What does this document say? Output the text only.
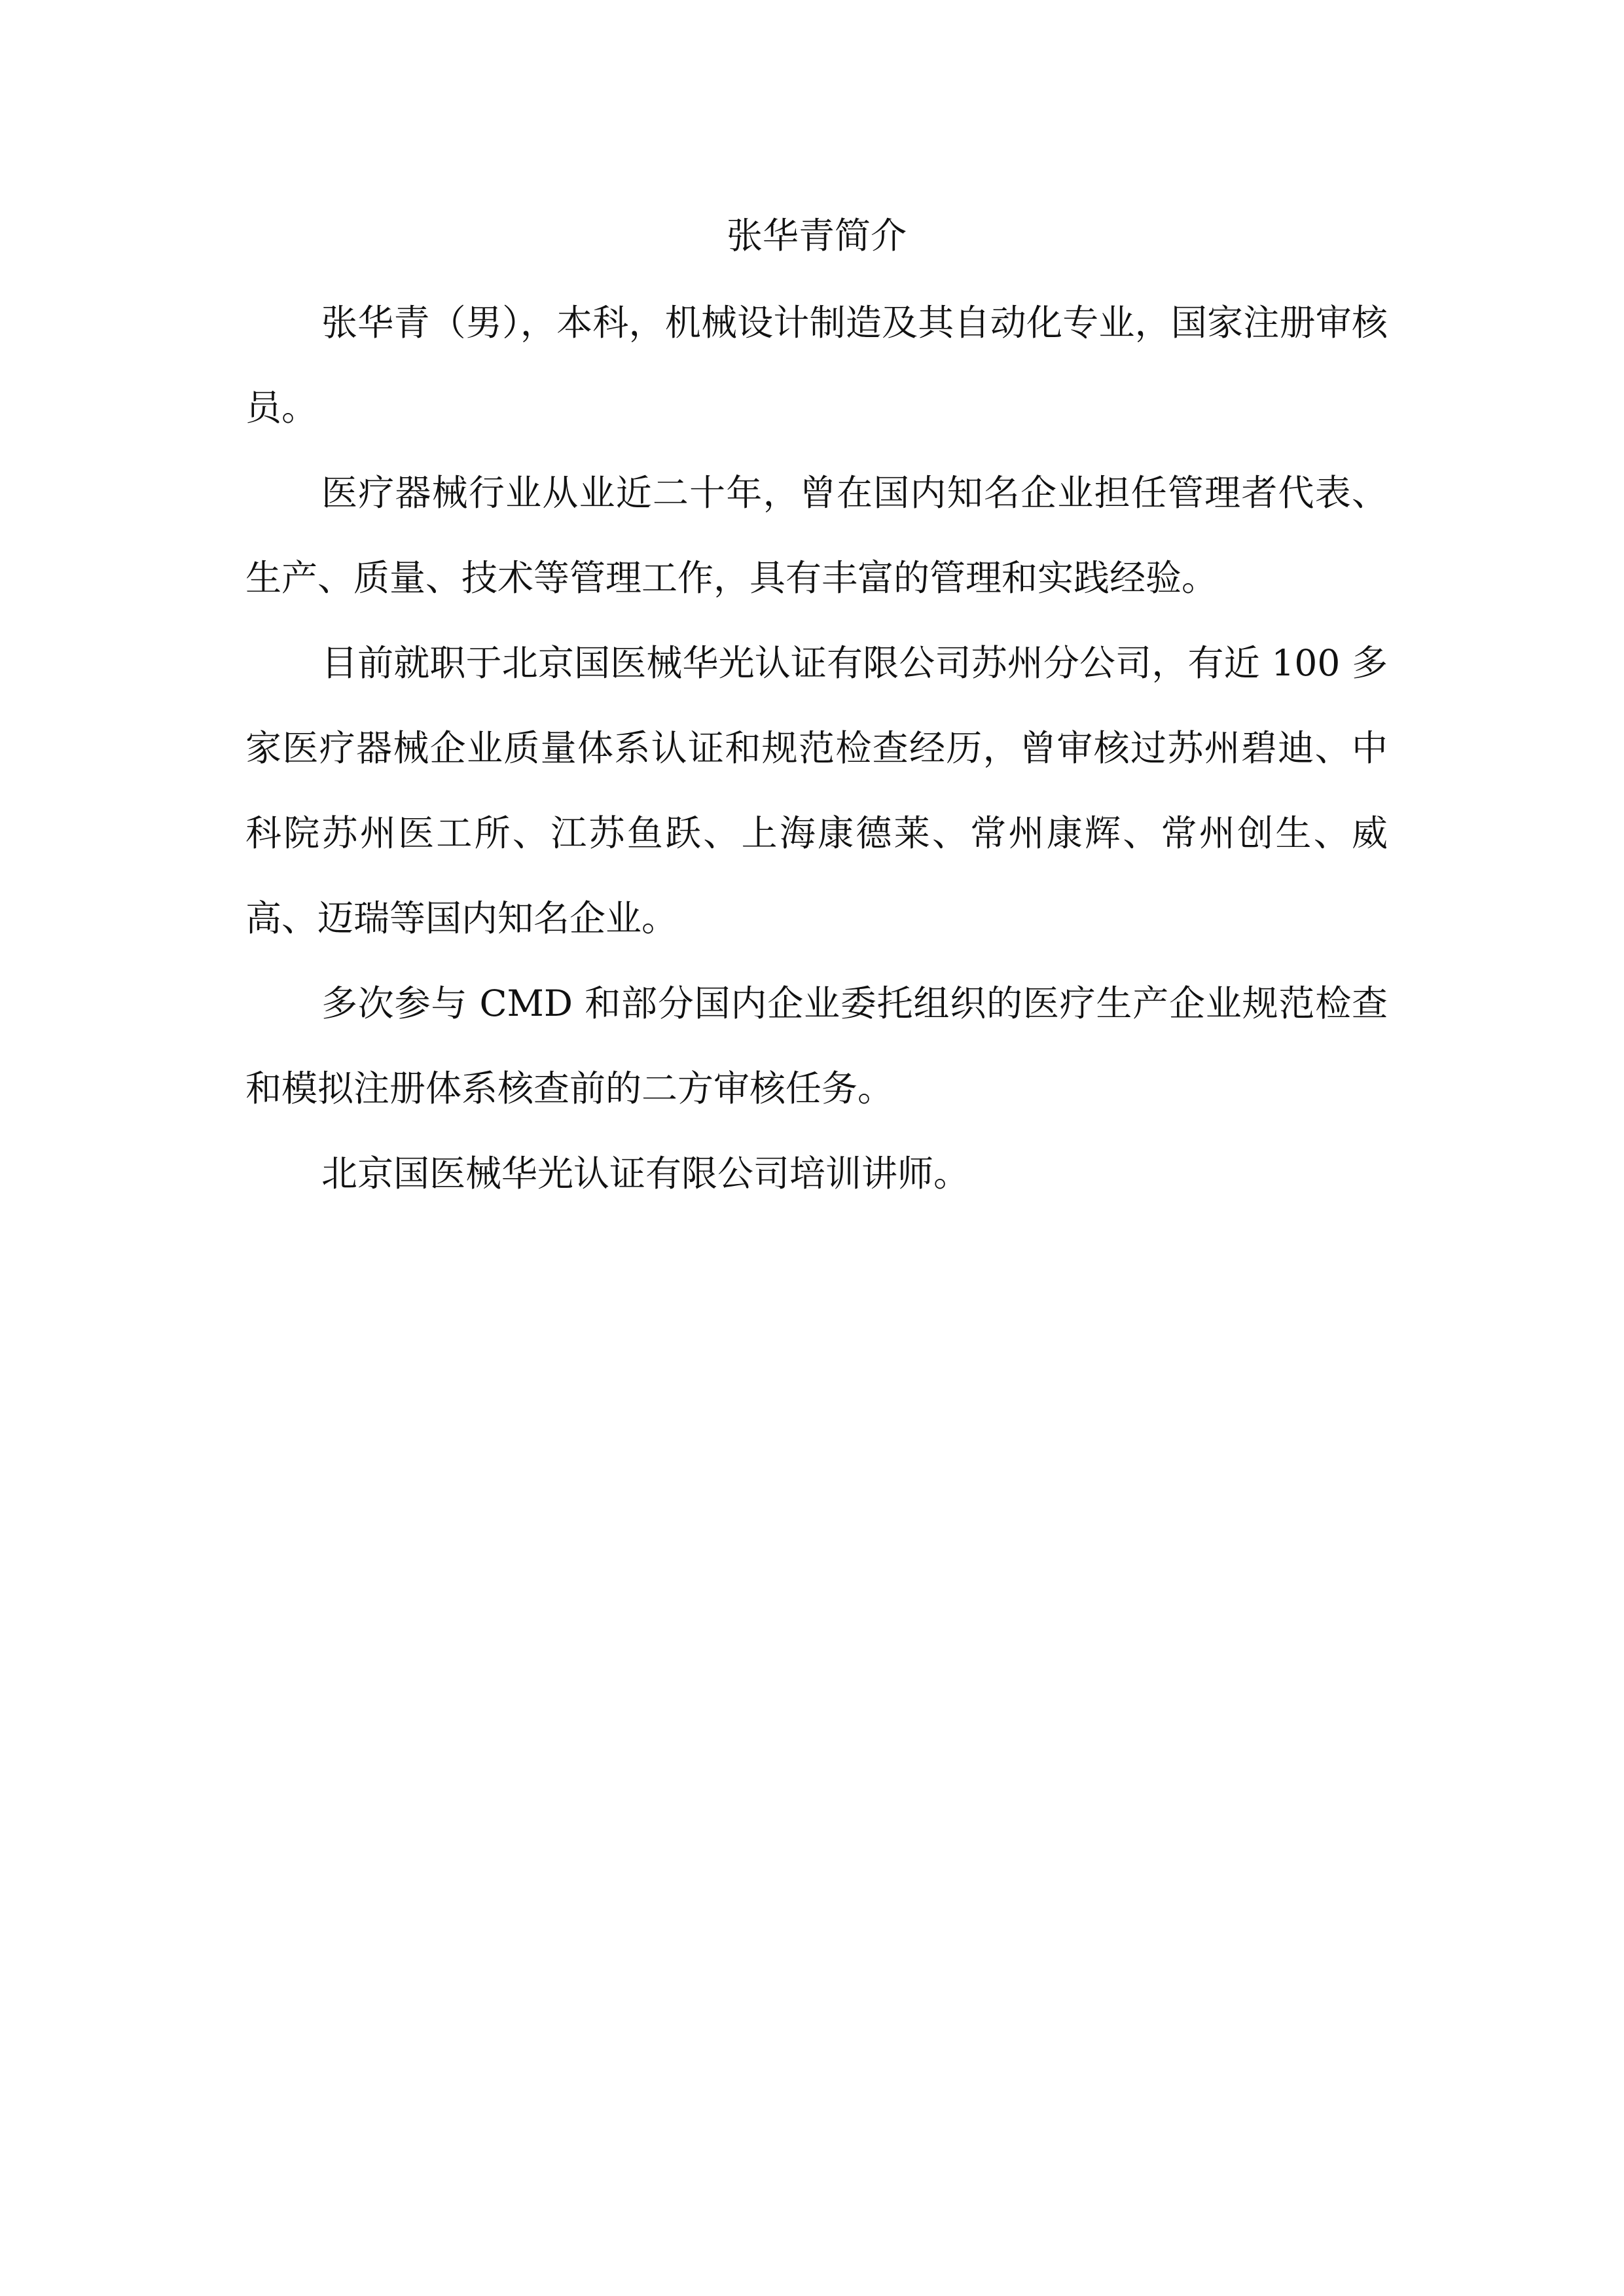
张华青简介

张华青（男），本科，机械设计制造及其自动化专业，国家注册审核员。

医疗器械行业从业近二十年，曾在国内知名企业担任管理者代表、生产、质量、技术等管理工作，具有丰富的管理和实践经验。

目前就职于北京国医械华光认证有限公司苏州分公司，有近 100 多家医疗器械企业质量体系认证和规范检查经历，曾审核过苏州碧迪、中科院苏州医工所、江苏鱼跃、上海康德莱、常州康辉、常州创生、威高、迈瑞等国内知名企业。

多次参与 CMD 和部分国内企业委托组织的医疗生产企业规范检查和模拟注册体系核查前的二方审核任务。

北京国医械华光认证有限公司培训讲师。
